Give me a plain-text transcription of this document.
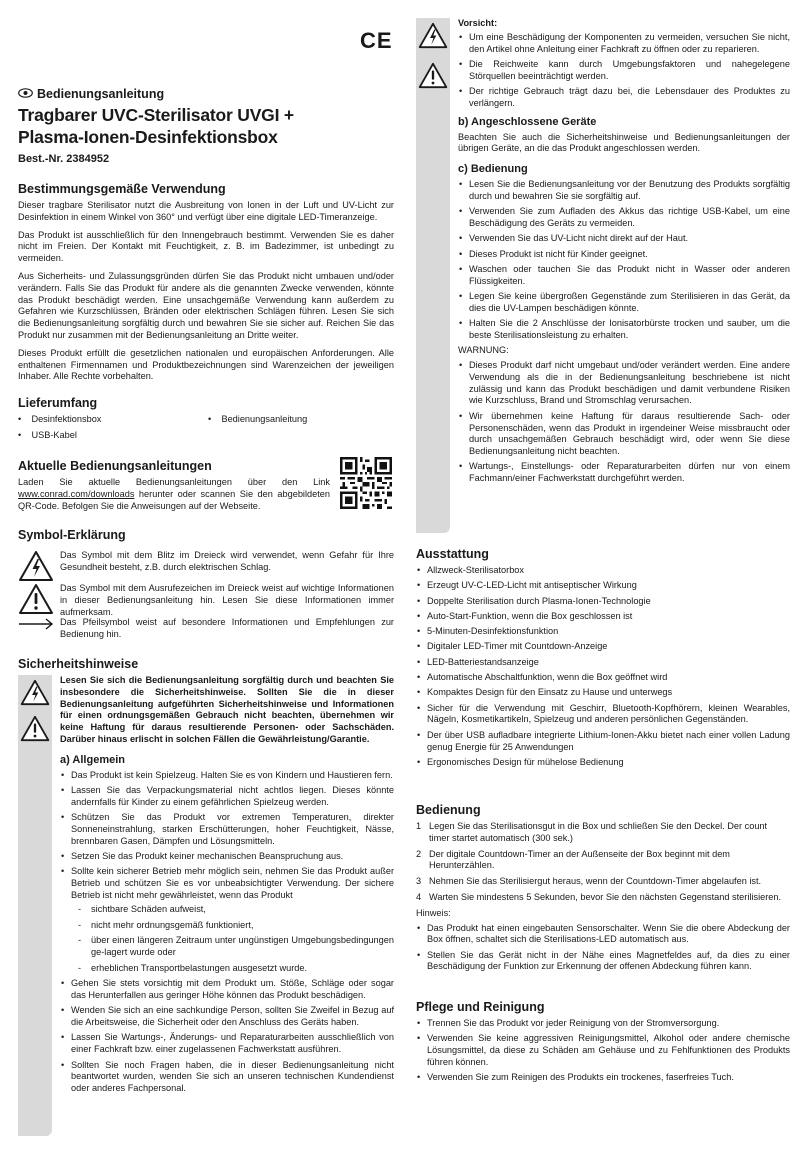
Bedienungsanleitung
Tragbarer UVC-Sterilisator UVGI +
Plasma-Ionen-Desinfektionsbox
Best.-Nr. 2384952
Bestimmungsgemäße Verwendung

Dieser tragbare Sterilisator nutzt die Ausbreitung von Ionen in der Luft und UV-Licht zur Desinfektion in einem Winkel von 360° und verfügt über eine digitale LED-Timeranzeige.

Das Produkt ist ausschließlich für den Innengebrauch bestimmt. Verwenden Sie es daher nicht im Freien. Der Kontakt mit Feuchtigkeit, z. B. im Badezimmer, ist unbedingt zu vermeiden.

Aus Sicherheits- und Zulassungsgründen dürfen Sie das Produkt nicht umbauen und/oder verändern. Falls Sie das Produkt für andere als die genannten Zwecke verwenden, könnte das Produkt beschädigt werden. Eine unsachgemäße Verwendung kann außerdem zu Gefahren wie Kurzschlüssen, Bränden oder elektrischen Schlägen führen. Lesen Sie sich die Bedienungsanleitung sorgfältig durch und bewahren Sie sie sicher auf. Reichen Sie das Produkt nur zusammen mit der Bedienungsanleitung an Dritte weiter.

Dieses Produkt erfüllt die gesetzlichen nationalen und europäischen Anforderungen. Alle enthaltenen Firmennamen und Produktbezeichnungen sind Warenzeichen der jeweiligen Inhaber. Alle Rechte vorbehalten.

Lieferumfang
•    Desinfektionsbox	•    Bedienungsanleitung
•    USB-Kabel
Aktuelle Bedienungsanleitungen

Laden Sie aktuelle Bedienungsanleitungen über den Link www.conrad.com/downloads herunter oder scannen Sie den abgebildeten QR-Code. Befolgen Sie die Anweisungen auf der Webseite.

Symbol-Erklärung
Das Symbol mit dem Blitz im Dreieck wird verwendet, wenn Gefahr für Ihre Gesundheit besteht, z.B. durch elektrischen Schlag.
Das Symbol mit dem Ausrufezeichen im Dreieck weist auf wichtige Informationen in dieser Bedienungsanleitung hin. Lesen Sie diese Informationen immer aufmerksam.
Das Pfeilsymbol weist auf besondere Informationen und Empfehlungen zur Bedienung hin.
Sicherheitshinweise

Lesen Sie sich die Bedienungsanleitung sorgfältig durch und beachten Sie insbesondere die Sicherheitshinweise. Sollten Sie die in dieser Bedienungsanleitung aufgeführten Sicherheitshinweise und Informationen für einen ordnungsgemäßen Gebrauch nicht beachten, übernehmen wir keine Haftung für daraus resultierende Personen- oder Sachschäden. Darüber hinaus erlischt in solchen Fällen die Gewährleistung/Garantie.

a) Allgemein
• Das Produkt ist kein Spielzeug. Halten Sie es von Kindern und Haustieren fern.
• Lassen Sie das Verpackungsmaterial nicht achtlos liegen. Dieses könnte andernfalls für Kinder zu einem gefährlichen Spielzeug werden.
• Schützen Sie das Produkt vor extremen Temperaturen, direkter Sonneneinstrahlung, starken Erschütterungen, hoher Feuchtigkeit, Nässe, brennbaren Gasen, Dämpfen und Lösungsmitteln.
• Setzen Sie das Produkt keiner mechanischen Beanspruchung aus.
• Sollte kein sicherer Betrieb mehr möglich sein, nehmen Sie das Produkt außer Betrieb und schützen Sie es vor unbeabsichtigter Verwendung. Der sichere Betrieb ist nicht mehr gewährleistet, wenn das Produkt
- sichtbare Schäden aufweist,
- nicht mehr ordnungsgemäß funktioniert,
- über einen längeren Zeitraum unter ungünstigen Umgebungsbedingungen ge-lagert wurde oder
- erheblichen Transportbelastungen ausgesetzt wurde.
• Gehen Sie stets vorsichtig mit dem Produkt um. Stöße, Schläge oder sogar das Herunterfallen aus geringer Höhe können das Produkt beschädigen.
• Wenden Sie sich an eine sachkundige Person, sollten Sie Zweifel in Bezug auf die Arbeitsweise, die Sicherheit oder den Anschluss des Geräts haben.
• Lassen Sie Wartungs-, Änderungs- und Reparaturarbeiten ausschließlich von einer Fachkraft bzw. einer zugelassenen Fachwerkstatt ausführen.
• Sollten Sie noch Fragen haben, die in dieser Bedienungsanleitung nicht beantwortet wurden, wenden Sie sich an unseren technischen Kundendienst oder anderes Fachpersonal.
Vorsicht:
• Um eine Beschädigung der Komponenten zu vermeiden, versuchen Sie nicht, den Artikel ohne Anleitung einer Fachkraft zu öffnen oder zu reparieren.
• Die Reichweite kann durch Umgebungsfaktoren und nahegelegene Störquellen beeinträchtigt werden.
• Der richtige Gebrauch trägt dazu bei, die Lebensdauer des Produktes zu verlängern.
b) Angeschlossene Geräte

Beachten Sie auch die Sicherheitshinweise und Bedienungsanleitungen der übrigen Geräte, an die das Produkt angeschlossen werden.

c) Bedienung
• Lesen Sie die Bedienungsanleitung vor der Benutzung des Produkts sorgfältig durch und bewahren Sie sie sorgfältig auf.
• Verwenden Sie zum Aufladen des Akkus das richtige USB-Kabel, um eine Beschädigung des Geräts zu vermeiden.
• Verwenden Sie das UV-Licht nicht direkt auf der Haut.
• Dieses Produkt ist nicht für Kinder geeignet.
• Waschen oder tauchen Sie das Produkt nicht in Wasser oder anderen Flüssigkeiten.
• Legen Sie keine übergroßen Gegenstände zum Sterilisieren in das Gerät, da dies die UV-Lampen beschädigen könnte.
• Halten Sie die 2 Anschlüsse der Ionisatorbürste trocken und sauber, um die beste Sterilisationsleistung zu erhalten.
WARNUNG:
• Dieses Produkt darf nicht umgebaut und/oder verändert werden. Eine andere Verwendung als die in der Bedienungsanleitung beschriebene ist nicht zulässig und kann das Produkt beschädigen und damit verbundene Risiken wie Kurzschluss, Brand und Stromschlag verursachen.
• Wir übernehmen keine Haftung für daraus resultierende Sach- oder Personenschäden, wenn das Produkt in irgendeiner Weise missbraucht oder durch unsachgemäßen Gebrauch beschädigt wird, oder wenn Sie diese Bedienungsanleitung nicht beachten.
• Wartungs-, Einstellungs- oder Reparaturarbeiten dürfen nur von einem Fachmann/einer Fachwerkstatt durchgeführt werden.
Ausstattung
• Allzweck-Sterilisatorbox
• Erzeugt UV-C-LED-Licht mit antiseptischer Wirkung
• Doppelte Sterilisation durch Plasma-Ionen-Technologie
• Auto-Start-Funktion, wenn die Box geschlossen ist
• 5-Minuten-Desinfektionsfunktion
• Digitaler LED-Timer mit Countdown-Anzeige
• LED-Batteriestandsanzeige
• Automatische Abschaltfunktion, wenn die Box geöffnet wird
• Kompaktes Design für den Einsatz zu Hause und unterwegs
• Sicher für die Verwendung mit Geschirr, Bluetooth-Kopfhörern, kleinen Wearables, Nägeln, Kosmetikartikeln, Spielzeug und anderen persönlichen Gegenständen.
• Der über USB aufladbare integrierte Lithium-Ionen-Akku bietet nach einer vollen Ladung genug Energie für 25 Anwendungen
• Ergonomisches Design für mühelose Bedienung
Bedienung
1 Legen Sie das Sterilisationsgut in die Box und schließen Sie den Deckel. Der count timer startet automatisch (300 sek.)
2 Der digitale Countdown-Timer an der Außenseite der Box beginnt mit dem Herunterzählen.
3 Nehmen Sie das Sterilisiergut heraus, wenn der Countdown-Timer abgelaufen ist.
4 Warten Sie mindestens 5 Sekunden, bevor Sie den nächsten Gegenstand sterilisieren.
Hinweis:
• Das Produkt hat einen eingebauten Sensorschalter. Wenn Sie die obere Abdeckung der Box öffnen, schaltet sich die Sterilisations-LED automatisch aus.
• Stellen Sie das Gerät nicht in der Nähe eines Magnetfeldes auf, da dies zu einer Beschädigung der Funktion zur Erkennung der offenen Abdeckung führen kann.
Pflege und Reinigung
• Trennen Sie das Produkt vor jeder Reinigung von der Stromversorgung.
• Verwenden Sie keine aggressiven Reinigungsmittel, Alkohol oder andere chemische Lösungsmittel, da diese zu Schäden am Gehäuse und zu Fehlfunktionen des Produkts führen können.
• Verwenden Sie zum Reinigen des Produkts ein trockenes, faserfreies Tuch.
CE
